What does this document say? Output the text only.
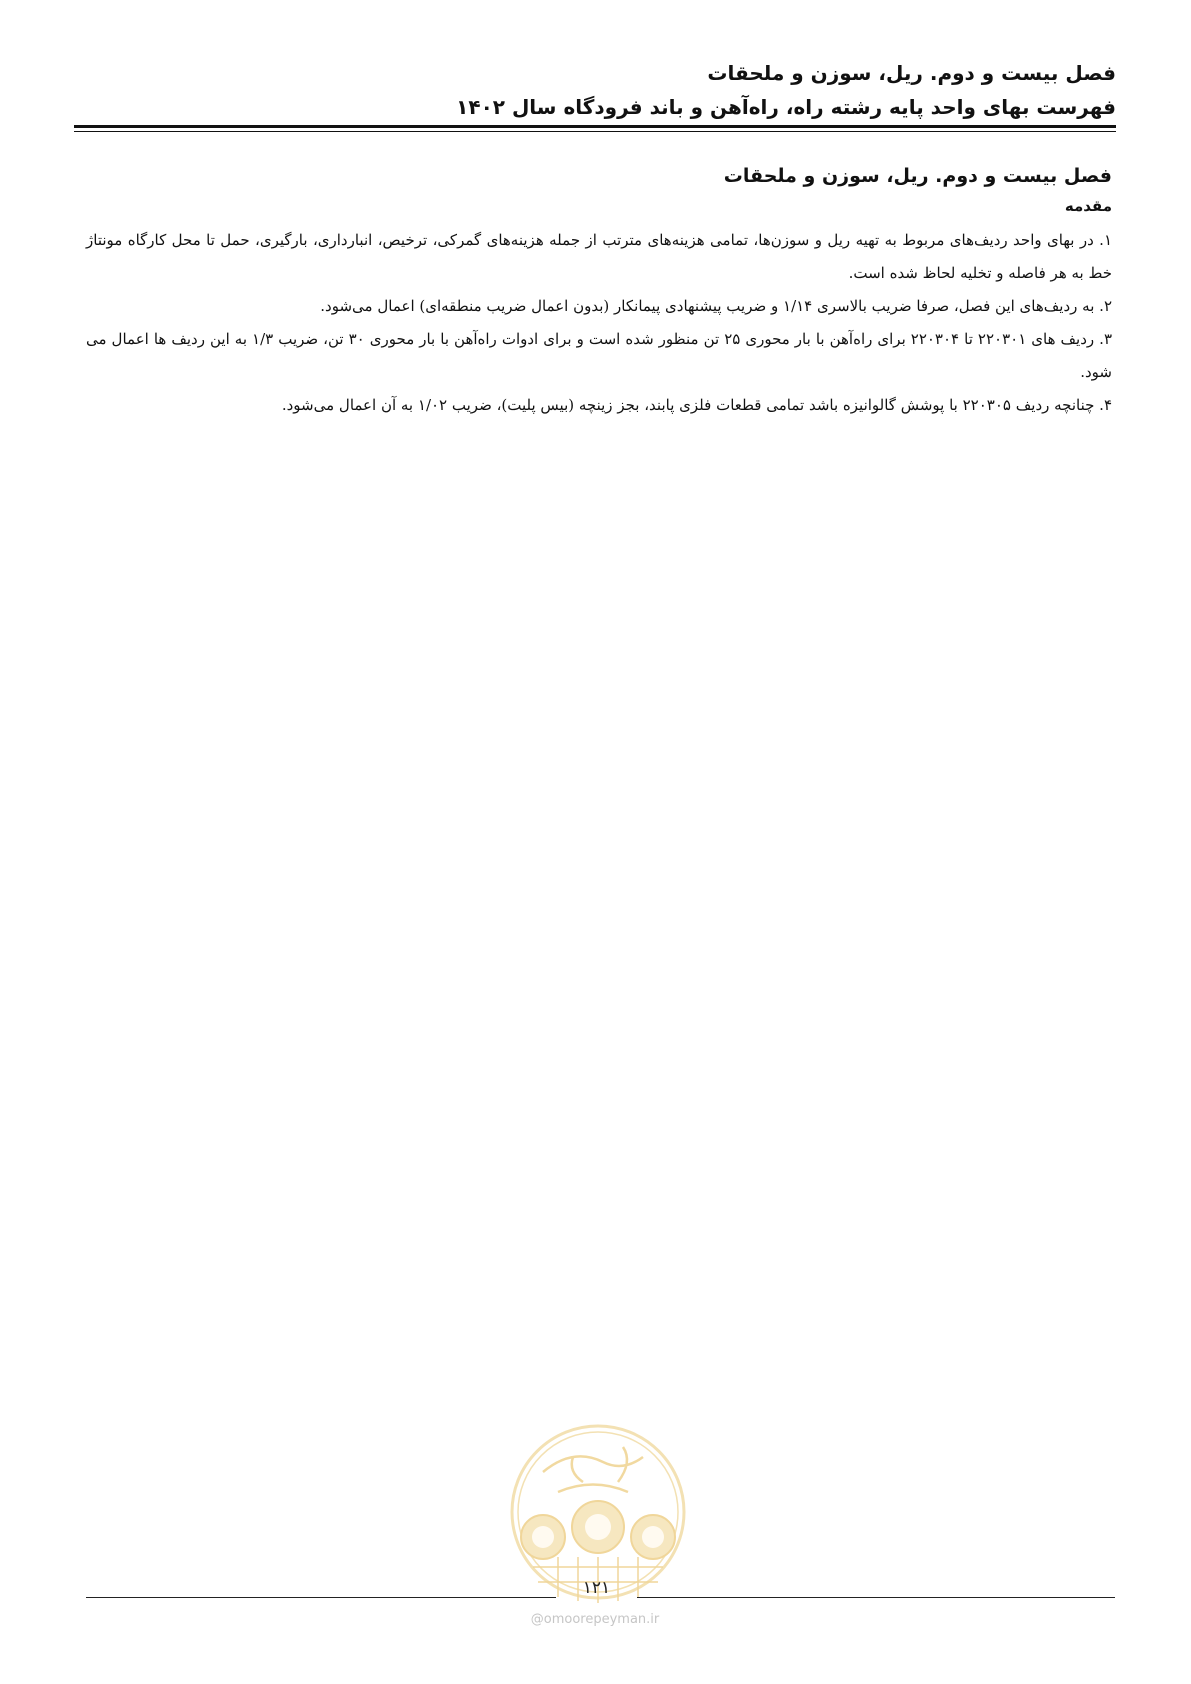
فصل بیست و دوم. ریل، سوزن و ملحقات
فهرست بهای واحد پایه رشته راه، راه‌آهن و باند فرودگاه سال ۱۴۰۲
فصل بیست و دوم. ریل، سوزن و ملحقات
مقدمه
۱. در بهای واحد ردیف‌های مربوط به تهیه ریل و سوزن‌ها، تمامی هزینه‌های مترتب از جمله هزینه‌های گمرکی، ترخیص، انبارداری، بارگیری، حمل تا محل کارگاه مونتاژ خط به هر فاصله و تخلیه لحاظ شده است.
۲. به ردیف‌های این فصل، صرفا ضریب بالاسری ۱/۱۴ و ضریب پیشنهادی پیمانکار (بدون اعمال ضریب منطقه‌ای) اعمال می‌شود.
۳. ردیف های ۲۲۰۳۰۱ تا ۲۲۰۳۰۴ برای راه‌آهن با بار محوری ۲۵ تن منظور شده است و برای ادوات راه‌آهن با بار محوری ۳۰ تن، ضریب ۱/۳ به این ردیف ها اعمال می شود.
۴. چنانچه ردیف ۲۲۰۳۰۵ با پوشش گالوانیزه باشد تمامی قطعات فلزی پابند، بجز زینچه (بیس پلیت)، ضریب ۱/۰۲ به آن اعمال می‌شود.
۱۲۱
@omoorepeyman.ir
